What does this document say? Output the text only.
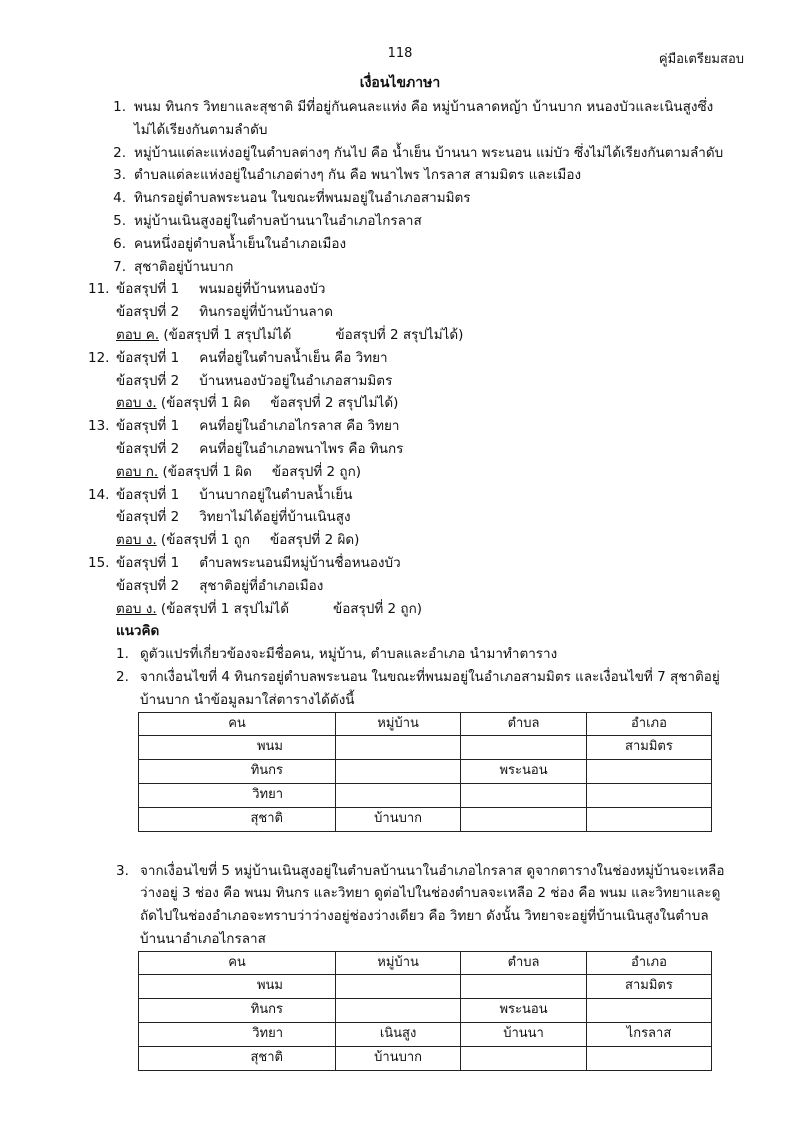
118	คู่มือเตรียมสอบ
เงื่อนไขภาษา
1. พนม ทินกร วิทยาและสุชาติ มีที่อยู่กันคนละแห่ง คือ หมู่บ้านลาดหญ้า บ้านบาก หนองบัวและเนินสูงซึ่งไม่ได้เรียงกันตามลำดับ
2. หมู่บ้านแต่ละแห่งอยู่ในตำบลต่างๆ กันไป คือ น้ำเย็น บ้านนา พระนอน แม่บัว ซึ่งไม่ได้เรียงกันตามลำดับ
3. ตำบลแต่ละแห่งอยู่ในอำเภอต่างๆ กัน คือ พนาไพร ไกรลาส สามมิตร และเมือง
4. ทินกรอยู่ตำบลพระนอน ในขณะที่พนมอยู่ในอำเภอสามมิตร
5. หมู่บ้านเนินสูงอยู่ในตำบลบ้านนาในอำเภอไกรลาส
6. คนหนึ่งอยู่ตำบลน้ำเย็นในอำเภอเมือง
7. สุชาติอยู่บ้านบาก
11. ข้อสรุปที่ 1 พนมอยู่ที่บ้านหนองบัว
ข้อสรุปที่ 2 ทินกรอยู่ที่บ้านบ้านลาด
ตอบ ค. (ข้อสรุปที่ 1 สรุปไม่ได้	ข้อสรุปที่ 2 สรุปไม่ได้)
12. ข้อสรุปที่ 1 คนที่อยู่ในตำบลน้ำเย็น คือ วิทยา
ข้อสรุปที่ 2 บ้านหนองบัวอยู่ในอำเภอสามมิตร
ตอบ ง. (ข้อสรุปที่ 1 ผิด ข้อสรุปที่ 2 สรุปไม่ได้)
13. ข้อสรุปที่ 1 คนที่อยู่ในอำเภอไกรลาส คือ วิทยา
ข้อสรุปที่ 2 คนที่อยู่ในอำเภอพนาไพร คือ ทินกร
ตอบ ก. (ข้อสรุปที่ 1 ผิด ข้อสรุปที่ 2 ถูก)
14. ข้อสรุปที่ 1 บ้านบากอยู่ในตำบลน้ำเย็น
ข้อสรุปที่ 2 วิทยาไม่ได้อยู่ที่บ้านเนินสูง
ตอบ ง. (ข้อสรุปที่ 1 ถูก ข้อสรุปที่ 2 ผิด)
15. ข้อสรุปที่ 1 ตำบลพระนอนมีหมู่บ้านชื่อหนองบัว
ข้อสรุปที่ 2 สุชาติอยู่ที่อำเภอเมือง
ตอบ ง. (ข้อสรุปที่ 1 สรุปไม่ได้	ข้อสรุปที่ 2 ถูก)
แนวคิด
1. ดูตัวแปรที่เกี่ยวข้องจะมีชื่อคน, หมู่บ้าน, ตำบลและอำเภอ นำมาทำตาราง
2. จากเงื่อนไขที่ 4 ทินกรอยู่ตำบลพระนอน ในขณะที่พนมอยู่ในอำเภอสามมิตร และเงื่อนไขที่ 7 สุชาติอยู่บ้านบาก นำข้อมูลมาใส่ตารางได้ดังนี้
คน	หมู่บ้าน	ตำบล	อำเภอ
พนม			สามมิตร
ทินกร		พระนอน	
วิทยา			
สุชาติ	บ้านบาก		
3. จากเงื่อนไขที่ 5 หมู่บ้านเนินสูงอยู่ในตำบลบ้านนาในอำเภอไกรลาส ดูจากตารางในช่องหมู่บ้านจะเหลือว่างอยู่ 3 ช่อง คือ พนม ทินกร และวิทยา ดูต่อไปในช่องตำบลจะเหลือ 2 ช่อง คือ พนม และวิทยาและดูถัดไปในช่องอำเภอจะทราบว่าว่างอยู่ช่องว่างเดียว คือ วิทยา ดังนั้น วิทยาจะอยู่ที่บ้านเนินสูงในตำบลบ้านนาอำเภอไกรลาส
คน	หมู่บ้าน	ตำบล	อำเภอ
พนม			สามมิตร
ทินกร		พระนอน	
วิทยา	เนินสูง	บ้านนา	ไกรลาส
สุชาติ	บ้านบาก		
